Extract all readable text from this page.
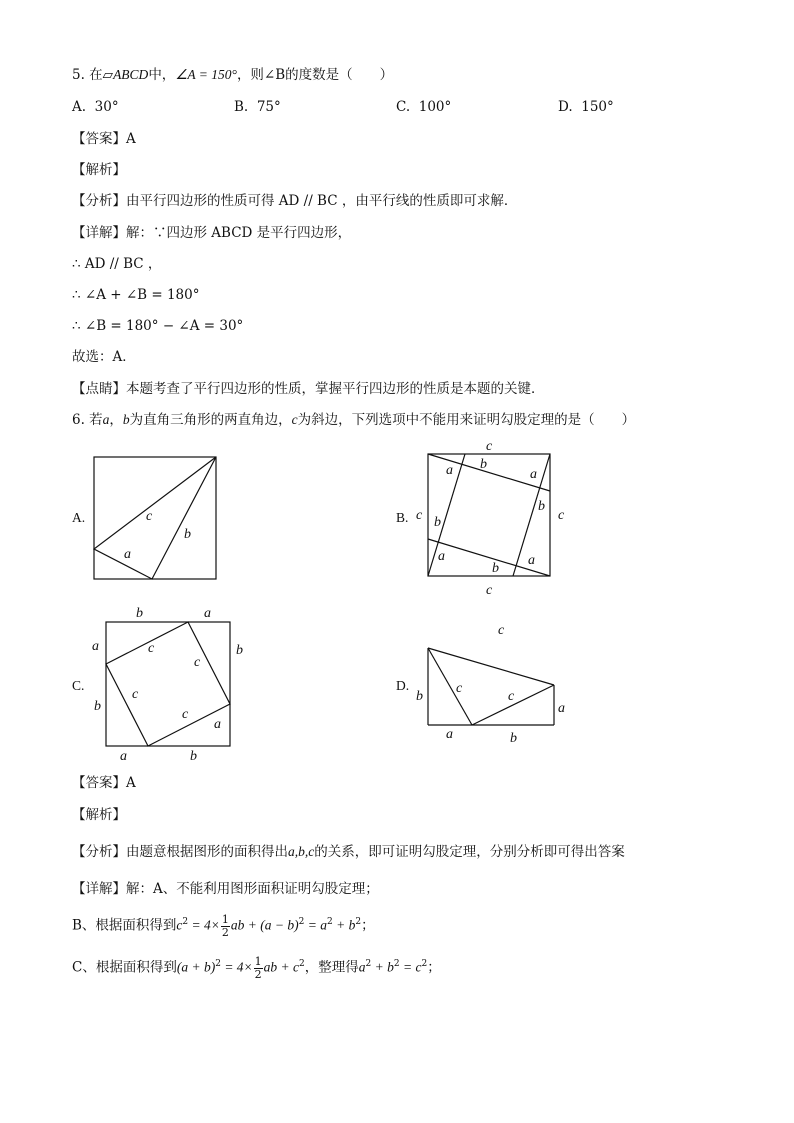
5. 在▱ABCD中，∠A = 150°，则∠B的度数是（　　）
A. 30°	B. 75°	C. 100°	D. 150°
【答案】A
【解析】
【分析】由平行四边形的性质可得 AD // BC ，由平行线的性质即可求解．
【详解】解：∵四边形 ABCD 是平行四边形，
∴ AD // BC ，
∴ ∠A + ∠B = 180°
∴ ∠B = 180° − ∠A = 30°
故选：A．
【点睛】本题考查了平行四边形的性质，掌握平行四边形的性质是本题的关键．
6. 若a，b为直角三角形的两直角边，c为斜边，下列选项中不能用来证明勾股定理的是（　　）
A.	c
b
a
B.
c
a b
a
b
c
c b
a
b
a
c
C.
b	a
a	b
c
c
c
c
b
a
a	b
D.
c
b
c
c
a
a	b
【答案】A
【解析】
【分析】由题意根据图形的面积得出a,b,c的关系，即可证明勾股定理，分别分析即可得出答案
【详解】解：A、不能利用图形面积证明勾股定理；
B、根据面积得到$c^2 = 4\times \frac{1}{2}$ ab + $(a - b)^2 = a^2 + b^2$；
C、根据面积得到$(a + b)^2 = 4\times \frac{1}{2}$ ab + $c^2$，整理得$a^2 + b^2 = c^2$；
